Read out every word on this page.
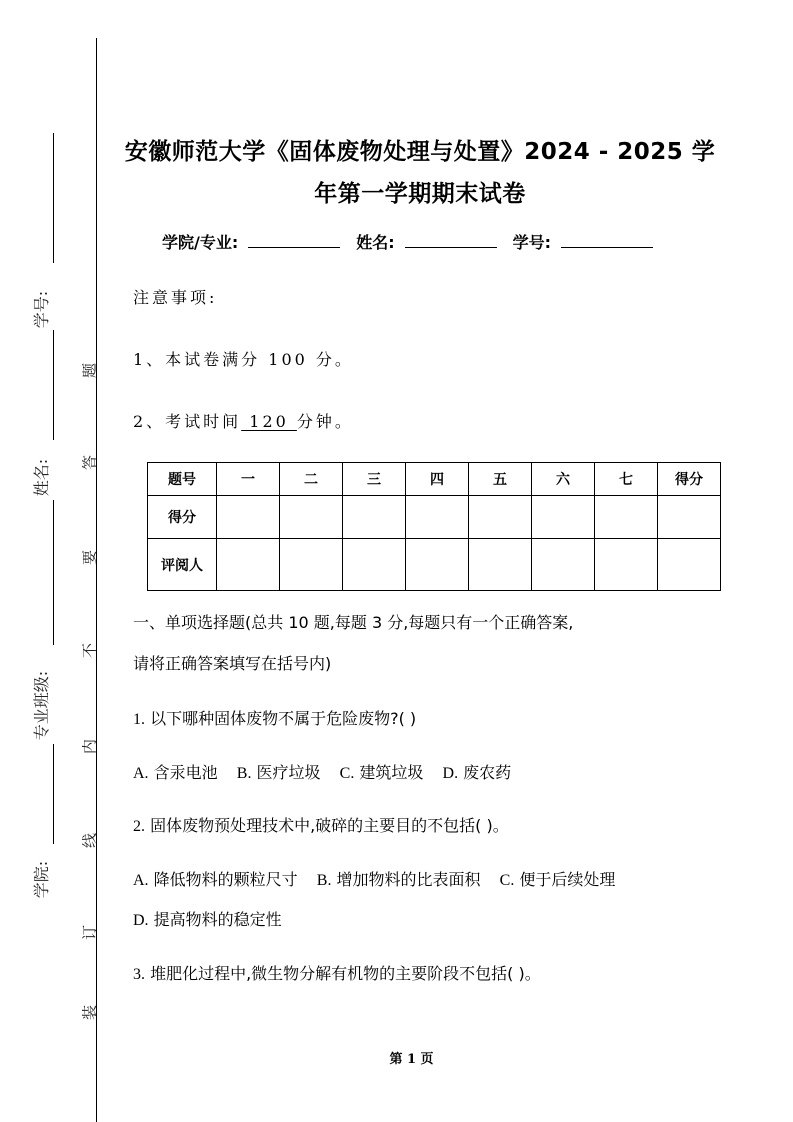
学号:
姓名:
专业班级:
学院:
题
答
要
不
内
线
订
装
安徽师范大学《固体废物处理与处置》2024 - 2025 学
年第一学期期末试卷
学院/专业:	姓名:	学号:
注意事项:
1、本试卷满分 100 分。
2、考试时间 120 分钟。
题号	一	二	三	四	五	六	七	得分
得分								
评阅人								
一、单项选择题(总共 10 题,每题 3 分,每题只有一个正确答案,
请将正确答案填写在括号内)
1. 以下哪种固体废物不属于危险废物?( )
A. 含汞电池 B. 医疗垃圾 C. 建筑垃圾 D. 废农药
2. 固体废物预处理技术中,破碎的主要目的不包括( )。
A. 降低物料的颗粒尺寸 B. 增加物料的比表面积 C. 便于后续处理
D. 提高物料的稳定性
3. 堆肥化过程中,微生物分解有机物的主要阶段不包括( )。
第 1 页
